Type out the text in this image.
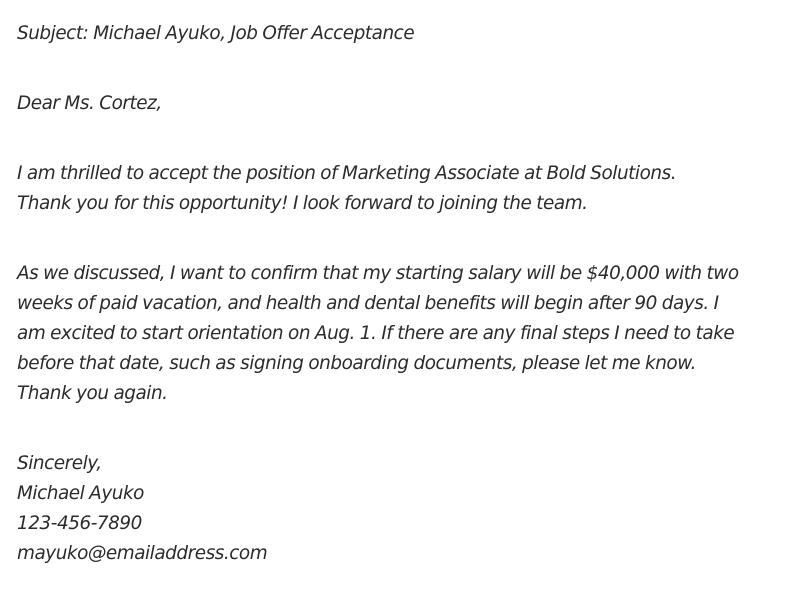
Subject: Michael Ayuko, Job Offer Acceptance

Dear Ms. Cortez,

I am thrilled to accept the position of Marketing Associate at Bold Solutions. Thank you for this opportunity! I look forward to joining the team.

As we discussed, I want to confirm that my starting salary will be $40,000 with two weeks of paid vacation, and health and dental benefits will begin after 90 days. I am excited to start orientation on Aug. 1. If there are any final steps I need to take before that date, such as signing onboarding documents, please let me know. Thank you again.

Sincerely,
Michael Ayuko
123-456-7890
mayuko@emailaddress.com
